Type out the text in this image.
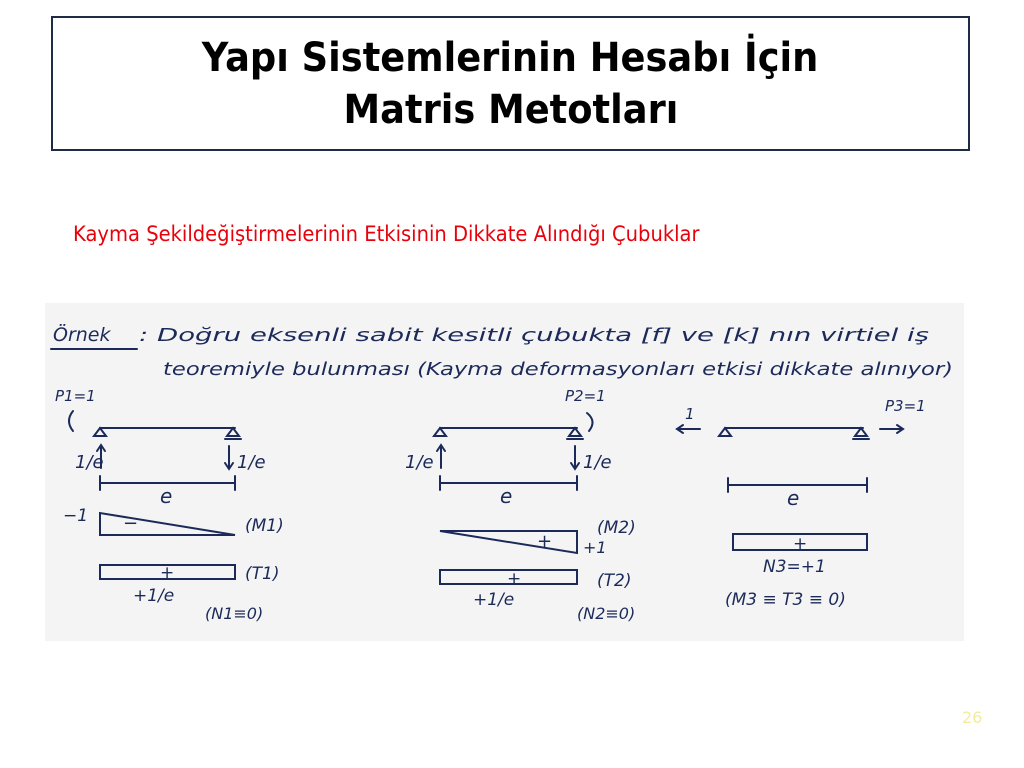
Yapı Sistemlerinin Hesabı İçin
Matris Metotları
Kayma Şekildeğiştirmelerinin Etkisinin Dikkate Alındığı Çubuklar
Örnek : Doğru eksenli sabit kesitli çubukta [f] ve [k] nın virtiel iş
teoremiyle bulunması (Kayma deformasyonları etkisi dikkate alınıyor)
P1=1
1/e	1/e
e
−1 −	(M1)
+	(T1)
+1/e
(N1≡0)
P2=1
1/e	1/e
e
+ +1
(M2)
+	(T2)
+1/e
(N2≡0)
1	P3=1
e
+
N3=+1
(M3 ≡ T3 ≡ 0)
26
